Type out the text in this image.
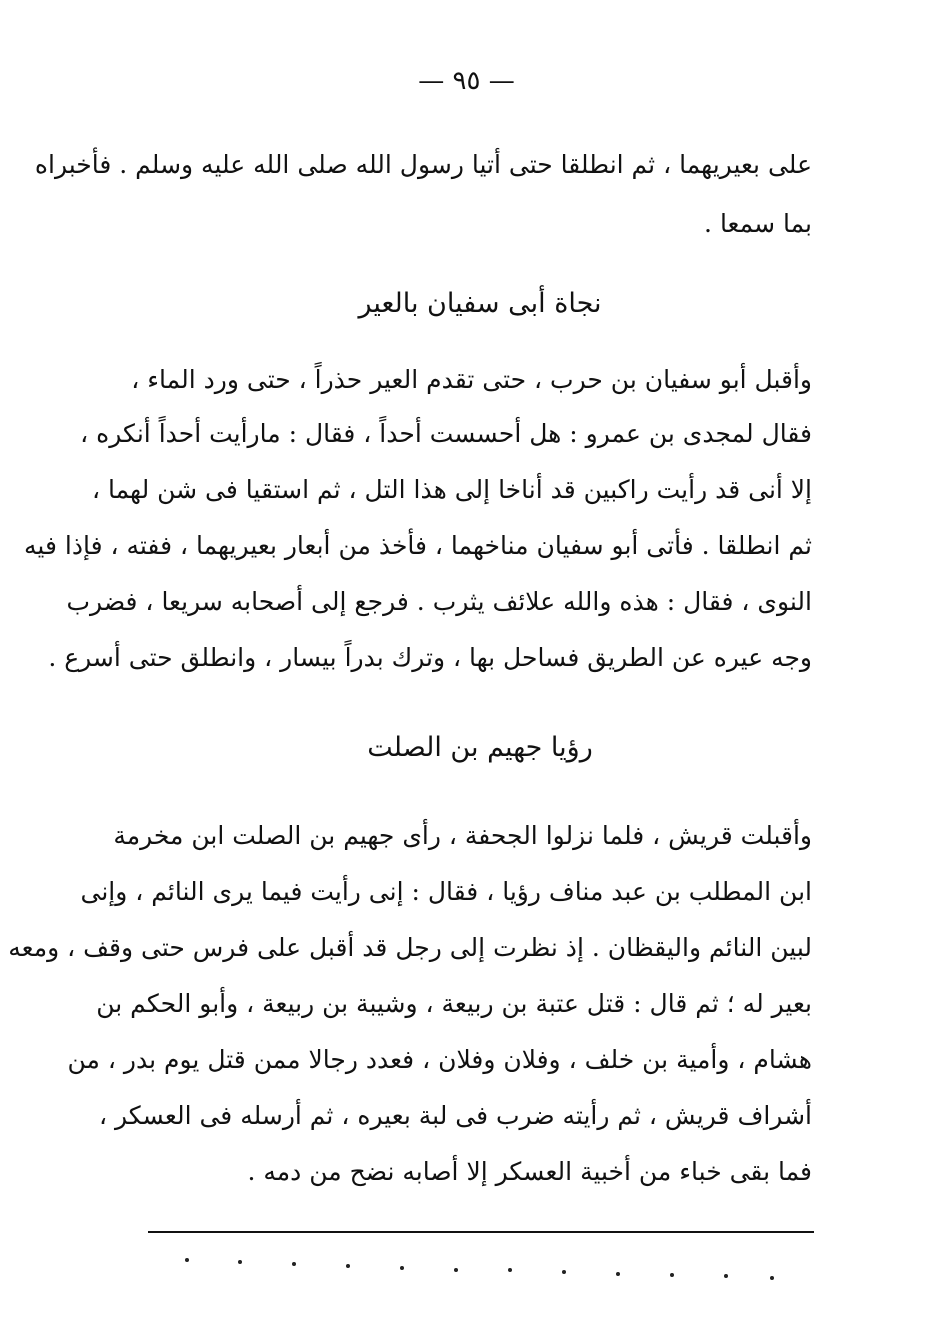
— ٩٥ —
على بعيريهما ، ثم انطلقا حتى أتيا رسول الله صلى الله عليه وسلم . فأخبراه
بما سمعا .
نجاة أبى سفيان بالعير
وأقبل أبو سفيان بن حرب ، حتى تقدم العير حذراً ، حتى ورد الماء ،
فقال لمجدى بن عمرو : هل أحسست أحداً ، فقال : مارأيت أحداً أنكره ،
إلا أنى قد رأيت راكبين قد أناخا إلى هذا التل ، ثم استقيا فى شن لهما ،
ثم انطلقا . فأتى أبو سفيان مناخهما ، فأخذ من أبعار بعيريهما ، ففته ، فإذا فيه
النوى ، فقال : هذه والله علائف يثرب . فرجع إلى أصحابه سريعا ، فضرب
وجه عيره عن الطريق فساحل بها ، وترك بدراً بيسار ، وانطلق حتى أسرع .
رؤيا جهيم بن الصلت
وأقبلت قريش ، فلما نزلوا الجحفة ، رأى جهيم بن الصلت ابن مخرمة
ابن المطلب بن عبد مناف رؤيا ، فقال : إنى رأيت فيما يرى النائم ، وإنى
لبين النائم واليقظان . إذ نظرت إلى رجل قد أقبل على فرس حتى وقف ، ومعه
بعير له ؛ ثم قال : قتل عتبة بن ربيعة ، وشيبة بن ربيعة ، وأبو الحكم بن
هشام ، وأمية بن خلف ، وفلان وفلان ، فعدد رجالا ممن قتل يوم بدر ، من
أشراف قريش ، ثم رأيته ضرب فى لبة بعيره ، ثم أرسله فى العسكر ،
فما بقى خباء من أخبية العسكر إلا أصابه نضح من دمه .
